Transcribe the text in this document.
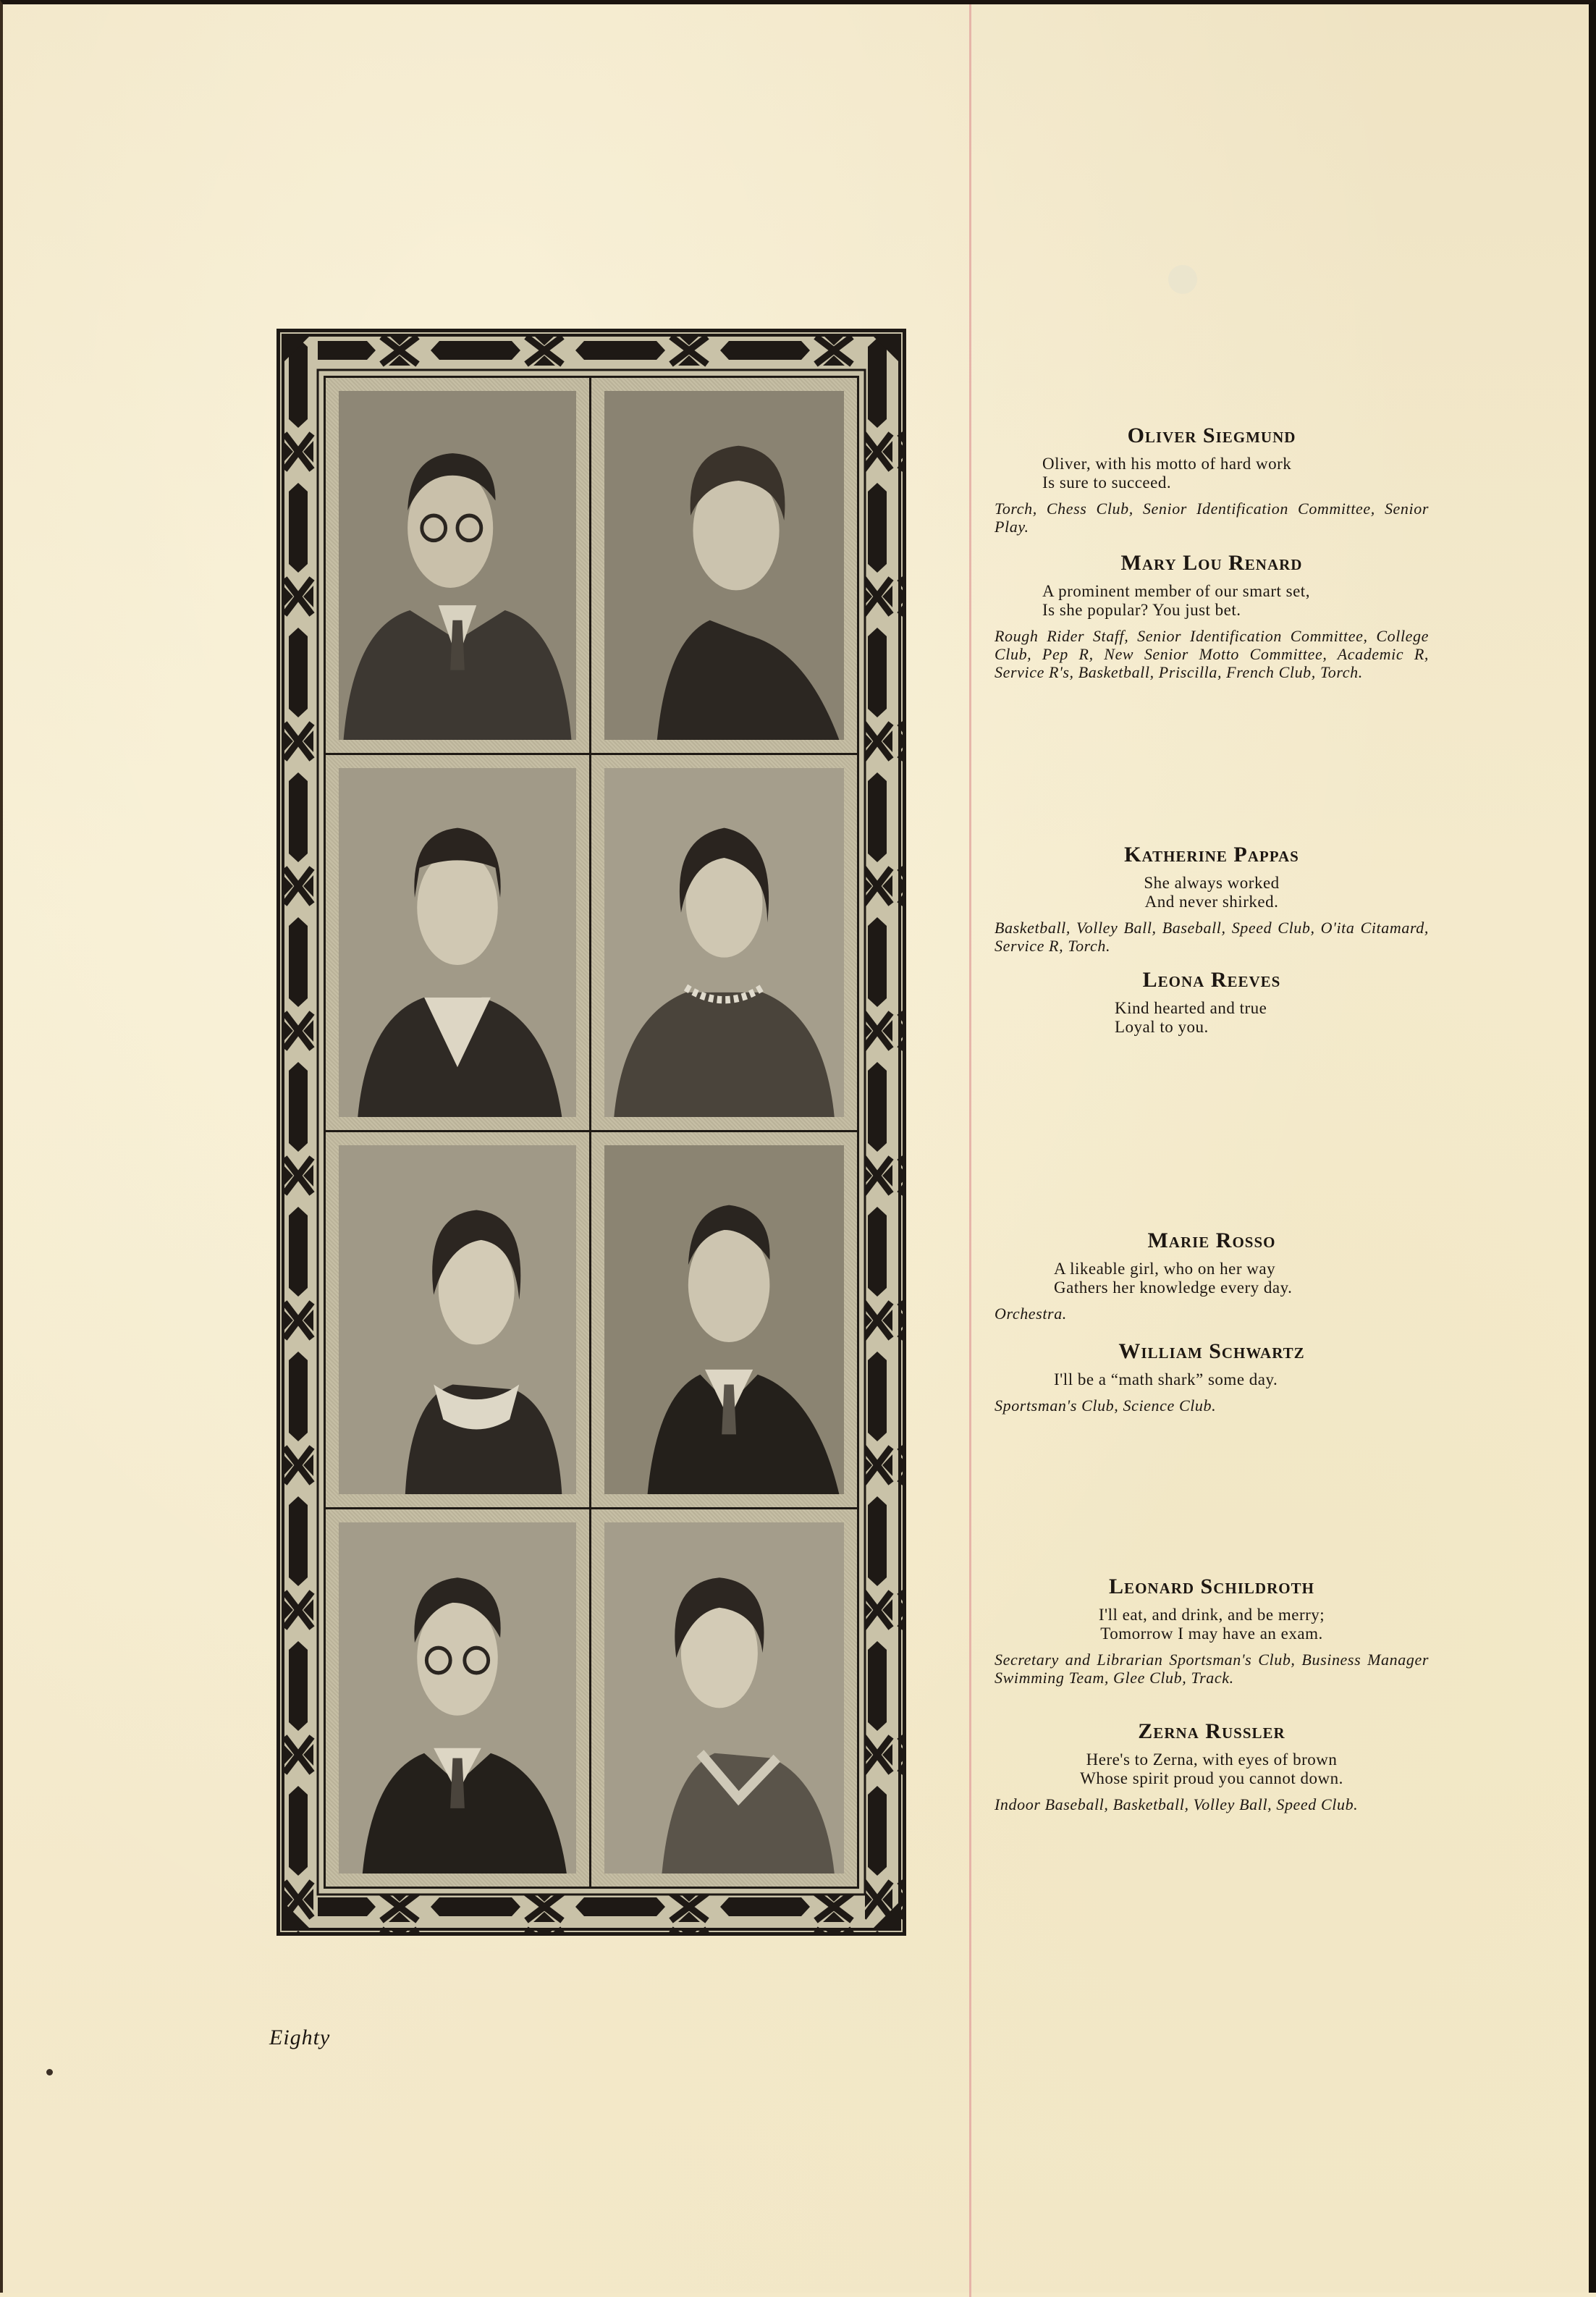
Oliver Siegmund
Oliver, with his motto of hard work
Is sure to succeed.

Torch, Chess Club, Senior Identification Committee, Senior Play.

Mary Lou Renard
A prominent member of our smart set,
Is she popular? You just bet.

Rough Rider Staff, Senior Identification Committee, College Club, Pep R, New Senior Motto Committee, Academic R, Service R's, Basketball, Priscilla, French Club, Torch.

Katherine Pappas
She always worked
And never shirked.

Basketball, Volley Ball, Baseball, Speed Club, O'ita Citamard, Service R, Torch.

Leona Reeves
Kind hearted and true
Loyal to you.
Marie Rosso
A likeable girl, who on her way
Gathers her knowledge every day.

Orchestra.

William Schwartz
I'll be a “math shark” some day.

Sportsman's Club, Science Club.

Leonard Schildroth
I'll eat, and drink, and be merry;
Tomorrow I may have an exam.

Secretary and Librarian Sportsman's Club, Business Manager Swimming Team, Glee Club, Track.

Zerna Russler
Here's to Zerna, with eyes of brown
Whose spirit proud you cannot down.

Indoor Baseball, Basketball, Volley Ball, Speed Club.

Eighty
